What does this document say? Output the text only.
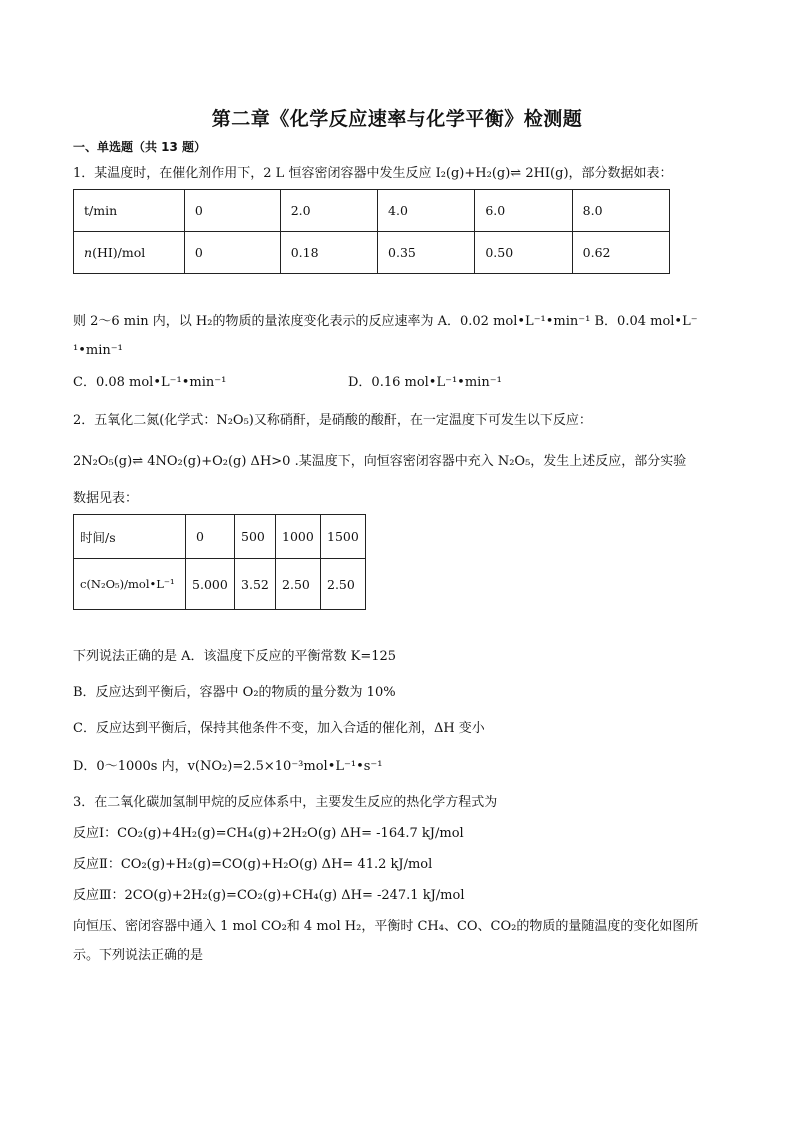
第二章《化学反应速率与化学平衡》检测题
一、单选题（共 13 题）
1．某温度时，在催化剂作用下，2 L 恒容密闭容器中发生反应 I₂(g)+H₂(g)⇌ 2HI(g)，部分数据如表：
t/min	0	2.0	4.0	6.0	8.0
n(HI)/mol	0	0.18	0.35	0.50	0.62
则 2～6 min 内，以 H₂的物质的量浓度变化表示的反应速率为 A．0.02 mol•L⁻¹•min⁻¹ B．0.04 mol•L⁻
¹•min⁻¹
C．0.08 mol•L⁻¹•min⁻¹	D．0.16 mol•L⁻¹•min⁻¹
2．五氧化二氮(化学式：N₂O₅)又称硝酐，是硝酸的酸酐，在一定温度下可发生以下反应：
2N₂O₅(g)⇌ 4NO₂(g)+O₂(g) ΔH>0 .某温度下，向恒容密闭容器中充入 N₂O₅，发生上述反应，部分实验
数据见表：
时间/s	0	500	1000	1500
c(N₂O₅)/mol•L⁻¹	5.000	3.52	2.50	2.50
下列说法正确的是 A．该温度下反应的平衡常数 K=125
B．反应达到平衡后，容器中 O₂的物质的量分数为 10%
C．反应达到平衡后，保持其他条件不变，加入合适的催化剂，ΔH 变小
D．0～1000s 内，v(NO₂)=2.5×10⁻³mol•L⁻¹•s⁻¹
3．在二氧化碳加氢制甲烷的反应体系中，主要发生反应的热化学方程式为
反应Ⅰ：CO₂(g)+4H₂(g)=CH₄(g)+2H₂O(g) ΔH= -164.7 kJ/mol
反应Ⅱ：CO₂(g)+H₂(g)=CO(g)+H₂O(g) ΔH= 41.2 kJ/mol
反应Ⅲ：2CO(g)+2H₂(g)=CO₂(g)+CH₄(g) ΔH= -247.1 kJ/mol
向恒压、密闭容器中通入 1 mol CO₂和 4 mol H₂，平衡时 CH₄、CO、CO₂的物质的量随温度的变化如图所
示。下列说法正确的是
